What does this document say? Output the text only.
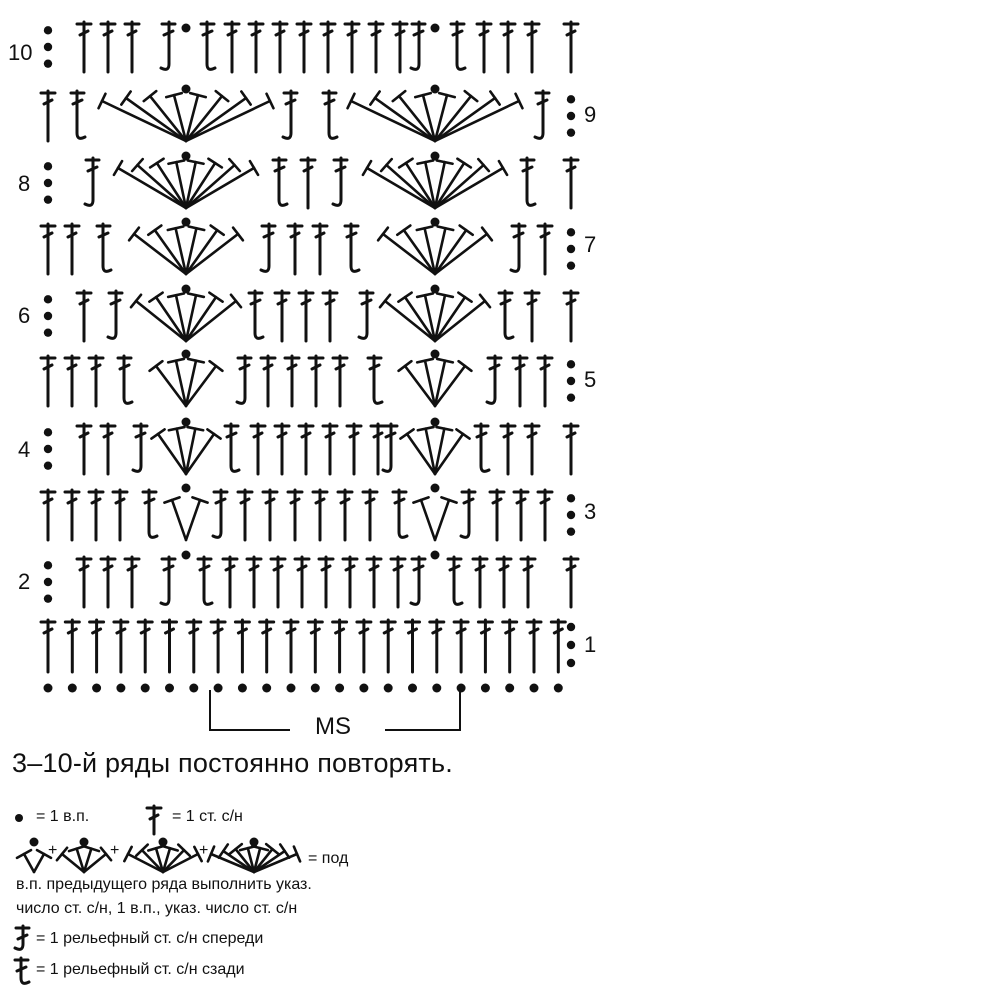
10
9
8
7
6
5
4
3
2
1
MS
+	+	+

3–10-й ряды постоянно повторять.

= 1 в.п.	= 1 ст. с/н
= под
в.п. предыдущего ряда выполнить указ.
число ст. с/н, 1 в.п., указ. число ст. с/н
= 1 рельефный ст. с/н спереди
= 1 рельефный ст. с/н сзади
